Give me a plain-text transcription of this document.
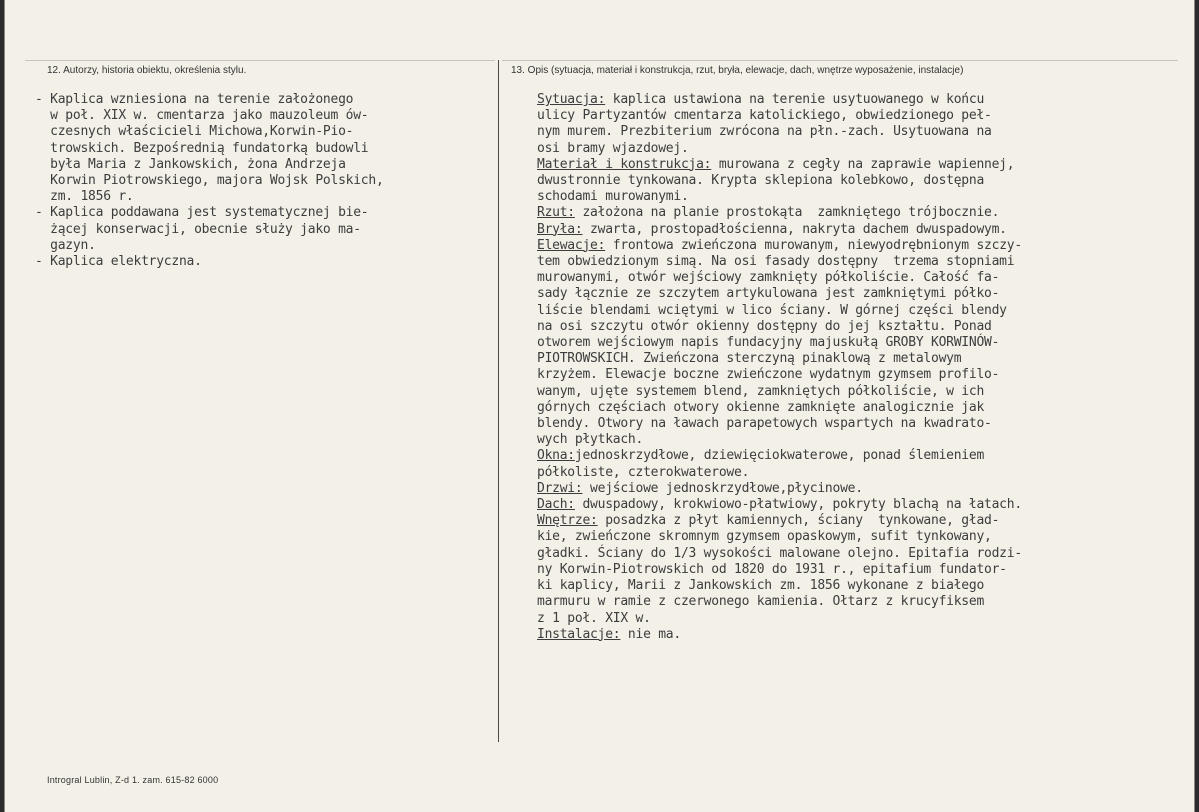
12. Autorzy, historia obiektu, określenia stylu.	13. Opis (sytuacja, materiał i konstrukcja, rzut, bryła, elewacje, dach, wnętrze wyposażenie, instalacje)
- Kaplica wzniesiona na terenie założonego
w poł. XIX w. cmentarza jako mauzoleum ów-
czesnych właścicieli Michowa,Korwin-Pio-
trowskich. Bezpośrednią fundatorką budowli
była Maria z Jankowskich, żona Andrzeja
Korwin Piotrowskiego, majora Wojsk Polskich,
zm. 1856 r.
- Kaplica poddawana jest systematycznej bie-
żącej konserwacji, obecnie służy jako ma-
gazyn.
- Kaplica elektryczna.
Sytuacja: kaplica ustawiona na terenie usytuowanego w końcu
ulicy Partyzantów cmentarza katolickiego, obwiedzionego peł-
nym murem. Prezbiterium zwrócona na płn.-zach. Usytuowana na
osi bramy wjazdowej.
Materiał i konstrukcja: murowana z cegły na zaprawie wapiennej,
dwustronnie tynkowana. Krypta sklepiona kolebkowo, dostępna
schodami murowanymi.
Rzut: założona na planie prostokąta  zamkniętego trójbocznie.
Bryła: zwarta, prostopadłościenna, nakryta dachem dwuspadowym.
Elewacje: frontowa zwieńczona murowanym, niewyodrębnionym szczy-
tem obwiedzionym simą. Na osi fasady dostępny  trzema stopniami
murowanymi, otwór wejściowy zamknięty półkoliście. Całość fa-
sady łącznie ze szczytem artykulowana jest zamkniętymi półko-
liście blendami wciętymi w lico ściany. W górnej części blendy
na osi szczytu otwór okienny dostępny do jej kształtu. Ponad
otworem wejściowym napis fundacyjny majuskułą GROBY KORWINÓW-
PIOTROWSKICH. Zwieńczona sterczyną pinaklową z metalowym
krzyżem. Elewacje boczne zwieńczone wydatnym gzymsem profilo-
wanym, ujęte systemem blend, zamkniętych półkoliście, w ich
górnych częściach otwory okienne zamknięte analogicznie jak
blendy. Otwory na ławach parapetowych wspartych na kwadrato-
wych płytkach.
Okna:jednoskrzydłowe, dziewięciokwaterowe, ponad ślemieniem
półkoliste, czterokwaterowe.
Drzwi: wejściowe jednoskrzydłowe,płycinowe.
Dach: dwuspadowy, krokwiowo-płatwiowy, pokryty blachą na łatach.
Wnętrze: posadzka z płyt kamiennych, ściany  tynkowane, gład-
kie, zwieńczone skromnym gzymsem opaskowym, sufit tynkowany,
gładki. Ściany do 1/3 wysokości malowane olejno. Epitafia rodzi-
ny Korwin-Piotrowskich od 1820 do 1931 r., epitafium fundator-
ki kaplicy, Marii z Jankowskich zm. 1856 wykonane z białego
marmuru w ramie z czerwonego kamienia. Ołtarz z krucyfiksem
z 1 poł. XIX w.
Instalacje: nie ma.
Introgral Lublin, Z-d 1. zam. 615-82 6000
